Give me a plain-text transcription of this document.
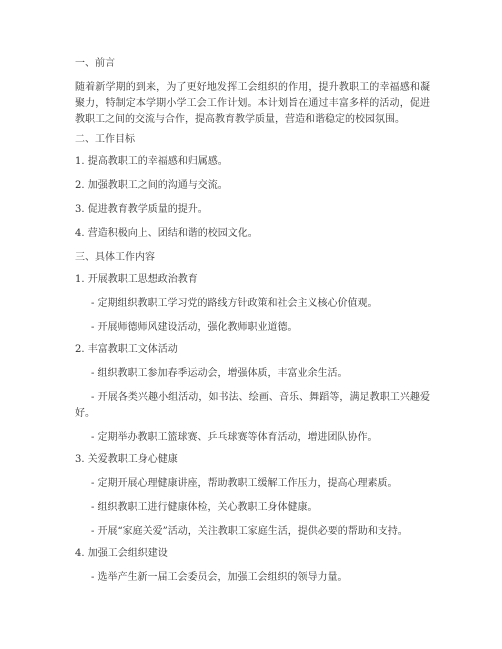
一、前言
随着新学期的到来，为了更好地发挥工会组织的作用，提升教职工的幸福感和凝聚力，特制定本学期小学工会工作计划。本计划旨在通过丰富多样的活动，促进教职工之间的交流与合作，提高教育教学质量，营造和谐稳定的校园氛围。
二、工作目标
1. 提高教职工的幸福感和归属感。
2. 加强教职工之间的沟通与交流。
3. 促进教育教学质量的提升。
4. 营造积极向上、团结和谐的校园文化。
三、具体工作内容
1. 开展教职工思想政治教育
- 定期组织教职工学习党的路线方针政策和社会主义核心价值观。
- 开展师德师风建设活动，强化教师职业道德。
2. 丰富教职工文体活动
- 组织教职工参加春季运动会，增强体质，丰富业余生活。
- 开展各类兴趣小组活动，如书法、绘画、音乐、舞蹈等，满足教职工兴趣爱好。
- 定期举办教职工篮球赛、乒乓球赛等体育活动，增进团队协作。
3. 关爱教职工身心健康
- 定期开展心理健康讲座，帮助教职工缓解工作压力，提高心理素质。
- 组织教职工进行健康体检，关心教职工身体健康。
- 开展“家庭关爱”活动，关注教职工家庭生活，提供必要的帮助和支持。
4. 加强工会组织建设
- 选举产生新一届工会委员会，加强工会组织的领导力量。
